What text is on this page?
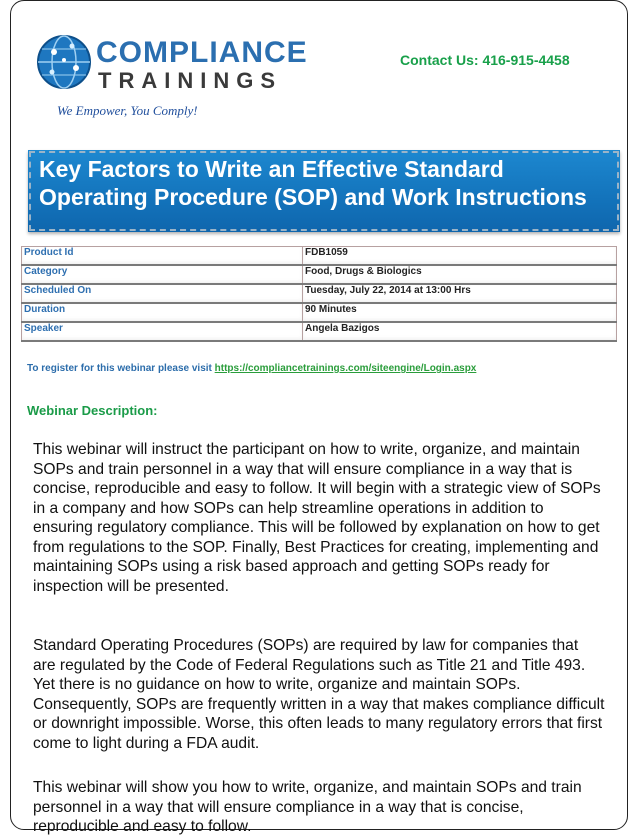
COMPLIANCE
TRAININGS
We Empower, You Comply!
Contact Us: 416-915-4458
Key Factors to Write an Effective Standard Operating Procedure (SOP) and Work Instructions
Product Id	FDB1059
Category	Food, Drugs & Biologics
Scheduled On	Tuesday, July 22, 2014 at 13:00 Hrs
Duration	90 Minutes
Speaker	Angela Bazigos
To register for this webinar please visit https://compliancetrainings.com/siteengine/Login.aspx
Webinar Description:
This webinar will instruct the participant on how to write, organize, and maintain SOPs and train personnel in a way that will ensure compliance in a way that is concise, reproducible and easy to follow. It will begin with a strategic view of SOPs in a company and how SOPs can help streamline operations in addition to ensuring regulatory compliance. This will be followed by explanation on how to get from regulations to the SOP. Finally, Best Practices for creating, implementing and maintaining SOPs using a risk based approach and getting SOPs ready for inspection will be presented.
Standard Operating Procedures (SOPs) are required by law for companies that are regulated by the Code of Federal Regulations such as Title 21 and Title 493. Yet there is no guidance on how to write, organize and maintain SOPs. Consequently, SOPs are frequently written in a way that makes compliance difficult or downright impossible. Worse, this often leads to many regulatory errors that first come to light during a FDA audit.
This webinar will show you how to write, organize, and maintain SOPs and train personnel in a way that will ensure compliance in a way that is concise, reproducible and easy to follow.
